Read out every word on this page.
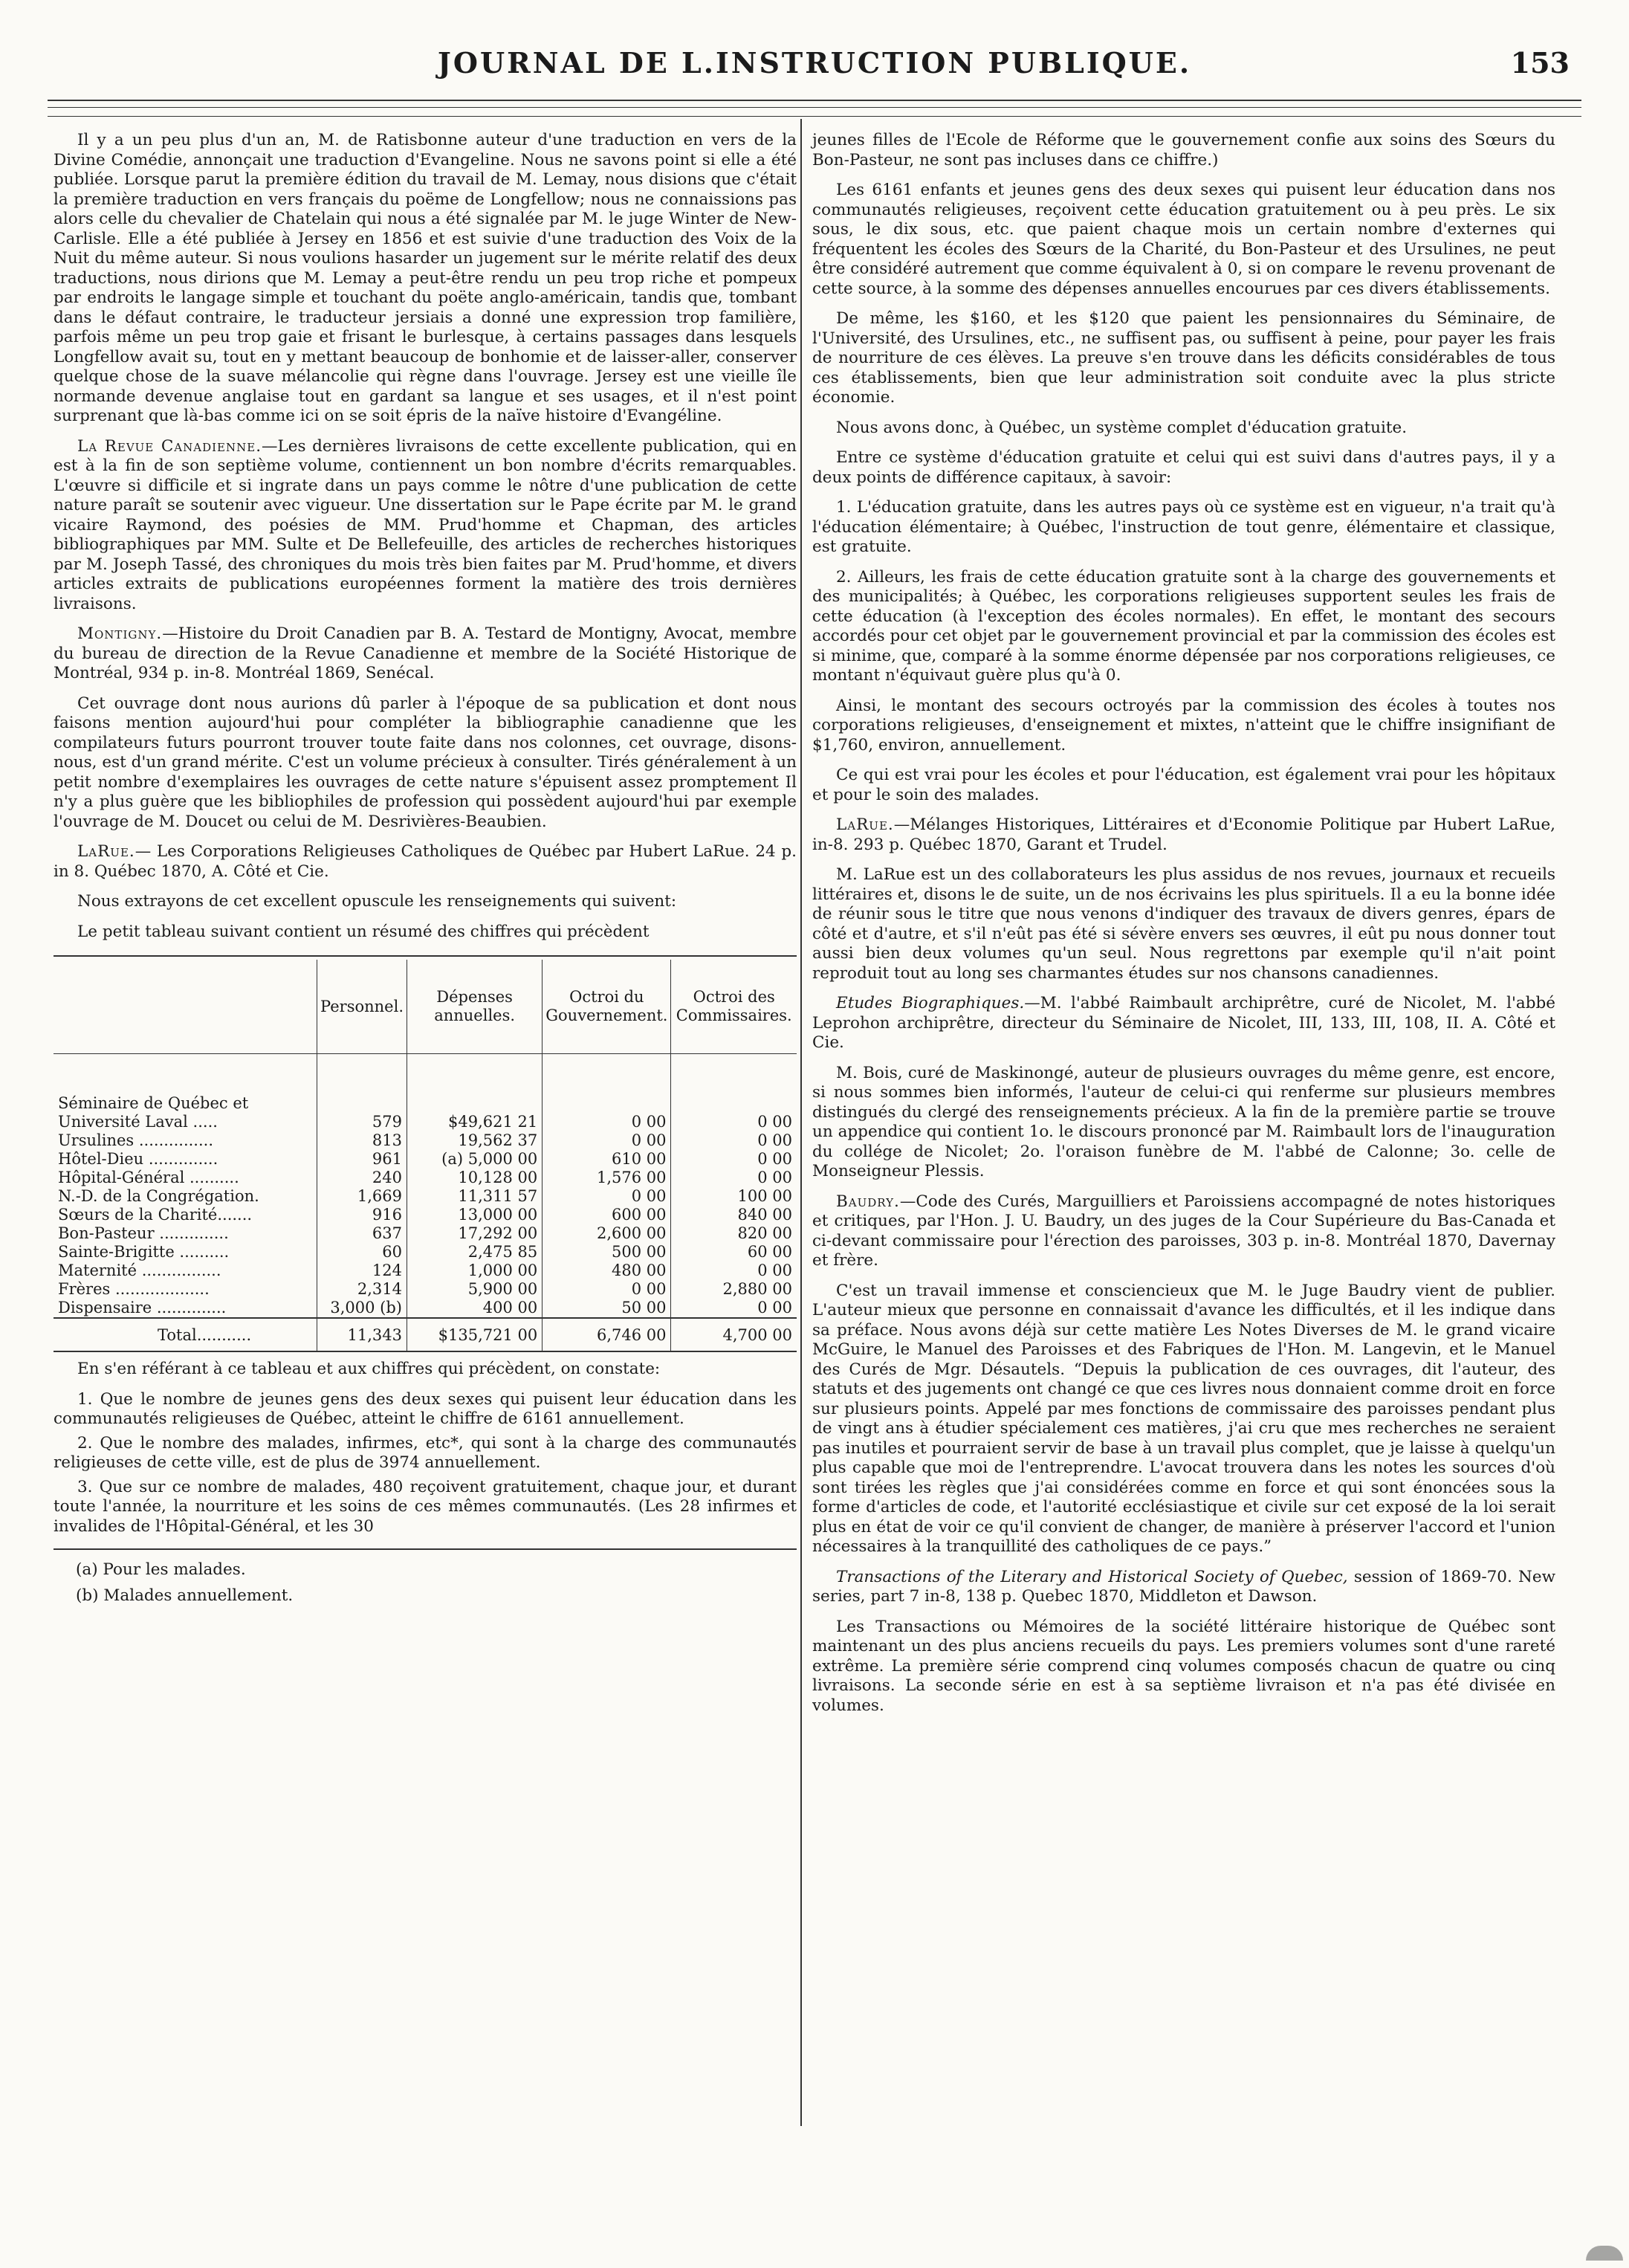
JOURNAL DE L.INSTRUCTION PUBLIQUE.	153

Il y a un peu plus d'un an, M. de Ratisbonne auteur d'une traduction en vers de la Divine Comédie, annonçait une traduction d'Evangeline. Nous ne savons point si elle a été publiée. Lorsque parut la première édition du travail de M. Lemay, nous disions que c'était la première traduction en vers français du poëme de Longfellow; nous ne connaissions pas alors celle du chevalier de Chatelain qui nous a été signalée par M. le juge Winter de New-Carlisle. Elle a été publiée à Jersey en 1856 et est suivie d'une traduction des Voix de la Nuit du même auteur. Si nous voulions hasarder un jugement sur le mérite relatif des deux traductions, nous dirions que M. Lemay a peut-être rendu un peu trop riche et pompeux par endroits le langage simple et touchant du poëte anglo-américain, tandis que, tombant dans le défaut contraire, le traducteur jersiais a donné une expression trop familière, parfois même un peu trop gaie et frisant le burlesque, à certains passages dans lesquels Longfellow avait su, tout en y mettant beaucoup de bonhomie et de laisser-aller, conserver quelque chose de la suave mélancolie qui règne dans l'ouvrage. Jersey est une vieille île normande devenue anglaise tout en gardant sa langue et ses usages, et il n'est point surprenant que là-bas comme ici on se soit épris de la naïve histoire d'Evangéline.

La Revue Canadienne.—Les dernières livraisons de cette excellente publication, qui en est à la fin de son septième volume, contiennent un bon nombre d'écrits remarquables. L'œuvre si difficile et si ingrate dans un pays comme le nôtre d'une publication de cette nature paraît se soutenir avec vigueur. Une dissertation sur le Pape écrite par M. le grand vicaire Raymond, des poésies de MM. Prud'homme et Chapman, des articles bibliographiques par MM. Sulte et De Bellefeuille, des articles de recherches historiques par M. Joseph Tassé, des chroniques du mois très bien faites par M. Prud'homme, et divers articles extraits de publications européennes forment la matière des trois dernières livraisons.

Montigny.—Histoire du Droit Canadien par B. A. Testard de Montigny, Avocat, membre du bureau de direction de la Revue Canadienne et membre de la Société Historique de Montréal, 934 p. in-8. Montréal 1869, Senécal.

Cet ouvrage dont nous aurions dû parler à l'époque de sa publication et dont nous faisons mention aujourd'hui pour compléter la bibliographie canadienne que les compilateurs futurs pourront trouver toute faite dans nos colonnes, cet ouvrage, disons-nous, est d'un grand mérite. C'est un volume précieux à consulter. Tirés généralement à un petit nombre d'exemplaires les ouvrages de cette nature s'épuisent assez promptement Il n'y a plus guère que les bibliophiles de profession qui possèdent aujourd'hui par exemple l'ouvrage de M. Doucet ou celui de M. Desrivières-Beaubien.

LaRue.— Les Corporations Religieuses Catholiques de Québec par Hubert LaRue. 24 p. in 8. Québec 1870, A. Côté et Cie.

Nous extrayons de cet excellent opuscule les renseignements qui suivent:

Le petit tableau suivant contient un résumé des chiffres qui précèdent

	Personnel.	Dépenses annuelles.	Octroi du Gouvernement.	Octroi des Commissaires.

Séminaire de Québec et				
Université Laval .....	579	$49,621 21	0 00	0 00
Ursulines ...............	813	19,562 37	0 00	0 00
Hôtel-Dieu ..............	961	(a) 5,000 00	610 00	0 00
Hôpital-Général ..........	240	10,128 00	1,576 00	0 00
N.-D. de la Congrégation.	1,669	11,311 57	0 00	100 00
Sœurs de la Charité.......	916	13,000 00	600 00	840 00
Bon-Pasteur ..............	637	17,292 00	2,600 00	820 00
Sainte-Brigitte ..........	60	2,475 85	500 00	60 00
Maternité ................	124	1,000 00	480 00	0 00
Frères ...................	2,314	5,900 00	0 00	2,880 00
Dispensaire ..............	3,000 (b)	400 00	50 00	0 00
Total...........	11,343	$135,721 00	6,746 00	4,700 00

En s'en référant à ce tableau et aux chiffres qui précèdent, on constate:

1. Que le nombre de jeunes gens des deux sexes qui puisent leur éducation dans les communautés religieuses de Québec, atteint le chiffre de 6161 annuellement.

2. Que le nombre des malades, infirmes, etc*, qui sont à la charge des communautés religieuses de cette ville, est de plus de 3974 annuellement.

3. Que sur ce nombre de malades, 480 reçoivent gratuitement, chaque jour, et durant toute l'année, la nourriture et les soins de ces mêmes communautés. (Les 28 infirmes et invalides de l'Hôpital-Général, et les 30

(a) Pour les malades.

(b) Malades annuellement.

jeunes filles de l'Ecole de Réforme que le gouvernement confie aux soins des Sœurs du Bon-Pasteur, ne sont pas incluses dans ce chiffre.)

Les 6161 enfants et jeunes gens des deux sexes qui puisent leur éducation dans nos communautés religieuses, reçoivent cette éducation gratuitement ou à peu près. Le six sous, le dix sous, etc. que paient chaque mois un certain nombre d'externes qui fréquentent les écoles des Sœurs de la Charité, du Bon-Pasteur et des Ursulines, ne peut être considéré autrement que comme équivalent à 0, si on compare le revenu provenant de cette source, à la somme des dépenses annuelles encourues par ces divers établissements.

De même, les $160, et les $120 que paient les pensionnaires du Séminaire, de l'Université, des Ursulines, etc., ne suffisent pas, ou suffisent à peine, pour payer les frais de nourriture de ces élèves. La preuve s'en trouve dans les déficits considérables de tous ces établissements, bien que leur administration soit conduite avec la plus stricte économie.

Nous avons donc, à Québec, un système complet d'éducation gratuite.

Entre ce système d'éducation gratuite et celui qui est suivi dans d'autres pays, il y a deux points de différence capitaux, à savoir:

1. L'éducation gratuite, dans les autres pays où ce système est en vigueur, n'a trait qu'à l'éducation élémentaire; à Québec, l'instruction de tout genre, élémentaire et classique, est gratuite.

2. Ailleurs, les frais de cette éducation gratuite sont à la charge des gouvernements et des municipalités; à Québec, les corporations religieuses supportent seules les frais de cette éducation (à l'exception des écoles normales). En effet, le montant des secours accordés pour cet objet par le gouvernement provincial et par la commission des écoles est si minime, que, comparé à la somme énorme dépensée par nos corporations religieuses, ce montant n'équivaut guère plus qu'à 0.

Ainsi, le montant des secours octroyés par la commission des écoles à toutes nos corporations religieuses, d'enseignement et mixtes, n'atteint que le chiffre insignifiant de $1,760, environ, annuellement.

Ce qui est vrai pour les écoles et pour l'éducation, est également vrai pour les hôpitaux et pour le soin des malades.

LaRue.—Mélanges Historiques, Littéraires et d'Economie Politique par Hubert LaRue, in-8. 293 p. Québec 1870, Garant et Trudel.

M. LaRue est un des collaborateurs les plus assidus de nos revues, journaux et recueils littéraires et, disons le de suite, un de nos écrivains les plus spirituels. Il a eu la bonne idée de réunir sous le titre que nous venons d'indiquer des travaux de divers genres, épars de côté et d'autre, et s'il n'eût pas été si sévère envers ses œuvres, il eût pu nous donner tout aussi bien deux volumes qu'un seul. Nous regrettons par exemple qu'il n'ait point reproduit tout au long ses charmantes études sur nos chansons canadiennes.

Etudes Biographiques.—M. l'abbé Raimbault archiprêtre, curé de Nicolet, M. l'abbé Leprohon archiprêtre, directeur du Séminaire de Nicolet, III, 133, III, 108, II. A. Côté et Cie.

M. Bois, curé de Maskinongé, auteur de plusieurs ouvrages du même genre, est encore, si nous sommes bien informés, l'auteur de celui-ci qui renferme sur plusieurs membres distingués du clergé des renseignements précieux. A la fin de la première partie se trouve un appendice qui contient 1o. le discours prononcé par M. Raimbault lors de l'inauguration du collége de Nicolet; 2o. l'oraison funèbre de M. l'abbé de Calonne; 3o. celle de Monseigneur Plessis.

Baudry.—Code des Curés, Marguilliers et Paroissiens accompagné de notes historiques et critiques, par l'Hon. J. U. Baudry, un des juges de la Cour Supérieure du Bas-Canada et ci-devant commissaire pour l'érection des paroisses, 303 p. in-8. Montréal 1870, Davernay et frère.

C'est un travail immense et consciencieux que M. le Juge Baudry vient de publier. L'auteur mieux que personne en connaissait d'avance les difficultés, et il les indique dans sa préface. Nous avons déjà sur cette matière Les Notes Diverses de M. le grand vicaire McGuire, le Manuel des Paroisses et des Fabriques de l'Hon. M. Langevin, et le Manuel des Curés de Mgr. Désautels. “Depuis la publication de ces ouvrages, dit l'auteur, des statuts et des jugements ont changé ce que ces livres nous donnaient comme droit en force sur plusieurs points. Appelé par mes fonctions de commissaire des paroisses pendant plus de vingt ans à étudier spécialement ces matières, j'ai cru que mes recherches ne seraient pas inutiles et pourraient servir de base à un travail plus complet, que je laisse à quelqu'un plus capable que moi de l'entreprendre. L'avocat trouvera dans les notes les sources d'où sont tirées les règles que j'ai considérées comme en force et qui sont énoncées sous la forme d'articles de code, et l'autorité ecclésiastique et civile sur cet exposé de la loi serait plus en état de voir ce qu'il convient de changer, de manière à préserver l'accord et l'union nécessaires à la tranquillité des catholiques de ce pays.”

Transactions of the Literary and Historical Society of Quebec, session of 1869-70. New series, part 7 in-8, 138 p. Quebec 1870, Middleton et Dawson.

Les Transactions ou Mémoires de la société littéraire historique de Québec sont maintenant un des plus anciens recueils du pays. Les premiers volumes sont d'une rareté extrême. La première série comprend cinq volumes composés chacun de quatre ou cinq livraisons. La seconde série en est à sa septième livraison et n'a pas été divisée en volumes.
